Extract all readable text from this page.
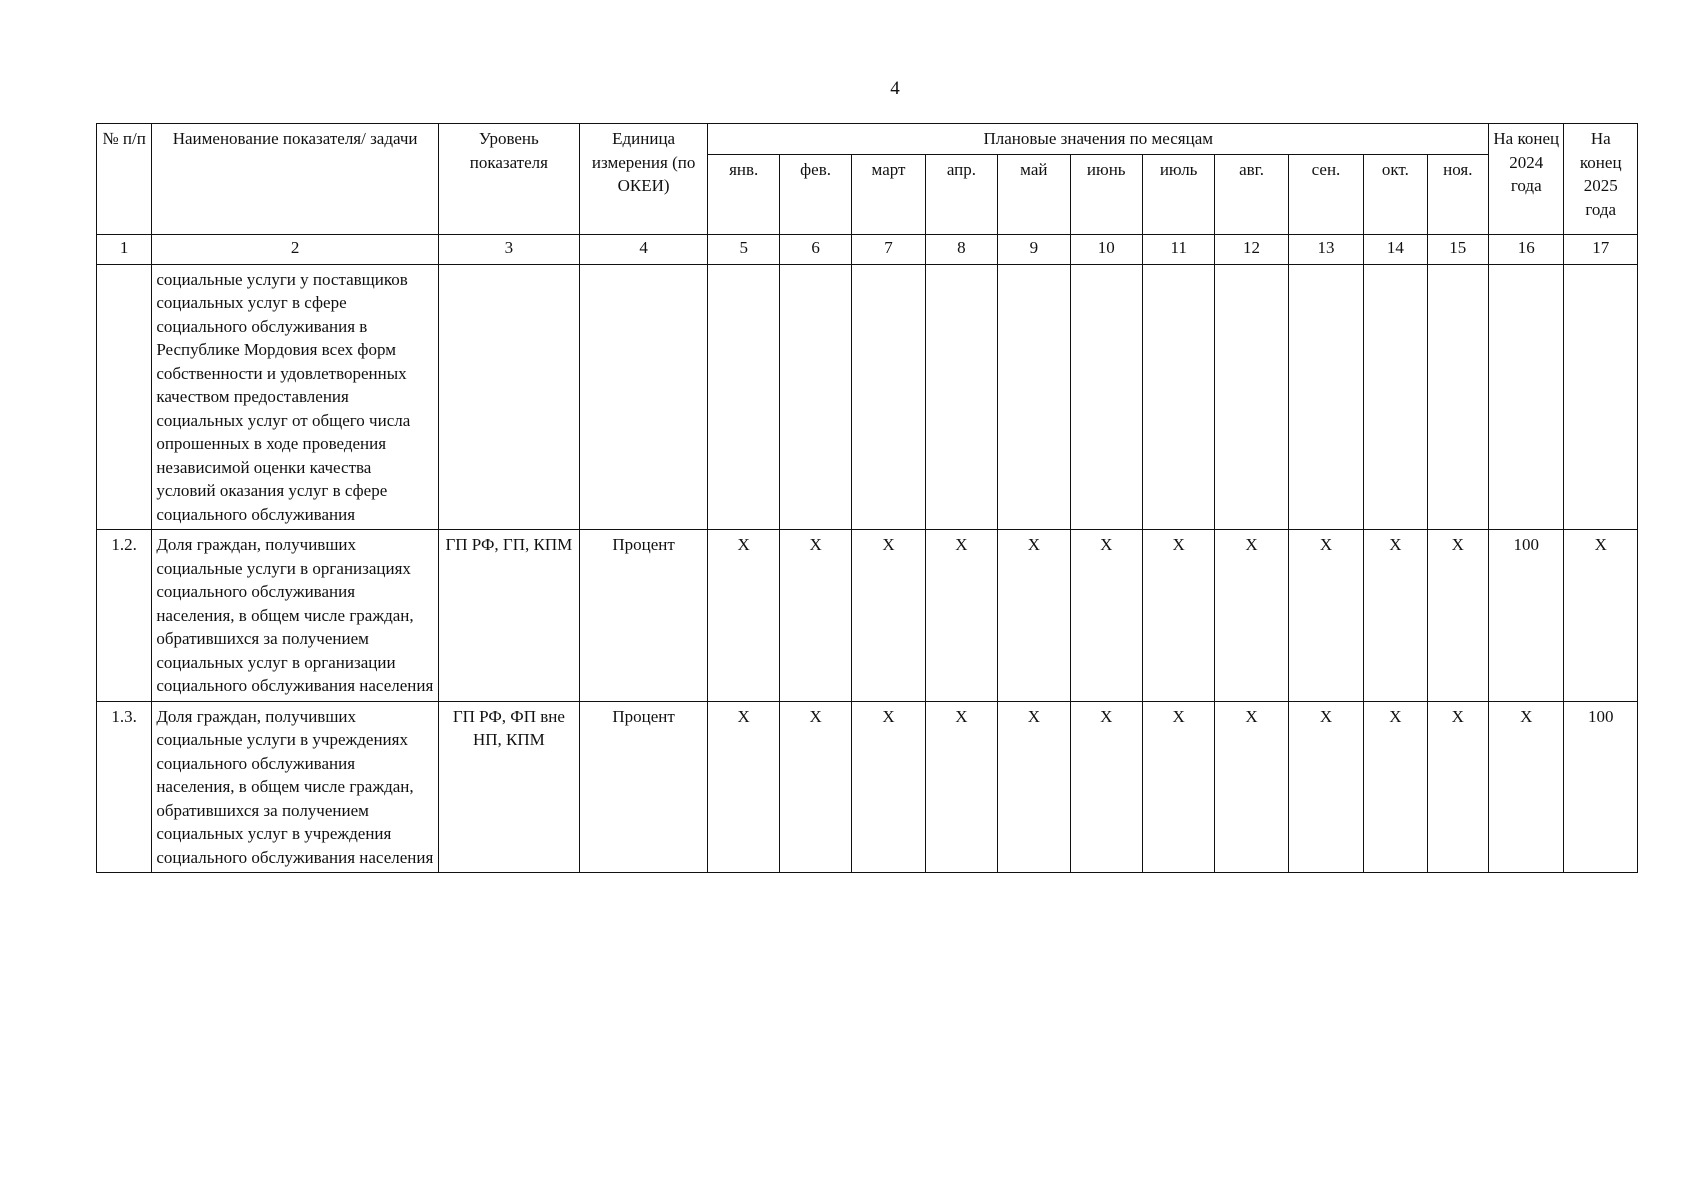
4
№ п/п	Наименование показателя/ задачи	Уровень показателя	Единица измерения (по ОКЕИ)	Плановые значения по месяцам											На конец 2024 года	На конец 2025 года
				янв.	фев.	март	апр.	май	июнь	июль	авг.	сен.	окт.	ноя.		
1	2	3	4	5	6	7	8	9	10	11	12	13	14	15	16	17
	социальные услуги у поставщиков социальных услуг в сфере социального обслуживания в Республике Мордовия всех форм собственности и удовлетворенных качеством предоставления социальных услуг от общего числа опрошенных в ходе проведения независимой оценки качества условий оказания услуг в сфере социального обслуживания															
1.2.	Доля граждан, получивших социальные услуги в организациях социального обслуживания населения, в общем числе граждан, обратившихся за получением социальных услуг в организации социального обслуживания населения	ГП РФ, ГП, КПМ	Процент	X	X	X	X	X	X	X	X	X	X	X	100	X
1.3.	Доля граждан, получивших социальные услуги в учреждениях социального обслуживания населения, в общем числе граждан, обратившихся за получением социальных услуг в учреждения социального обслуживания населения	ГП РФ, ФП вне НП, КПМ	Процент	X	X	X	X	X	X	X	X	X	X	X	X	100
